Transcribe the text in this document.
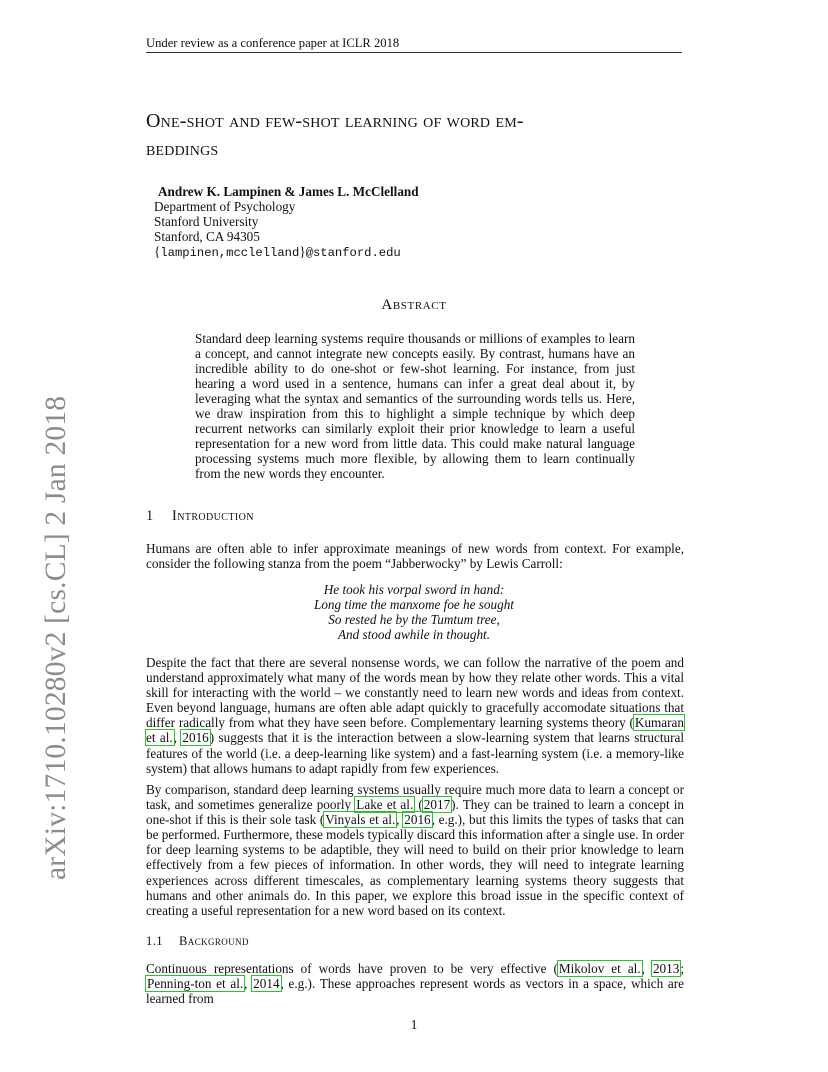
Under review as a conference paper at ICLR 2018
One-shot and few-shot learning of word em-
beddings
Andrew K. Lampinen & James L. McClelland
Department of Psychology
Stanford University
Stanford, CA 94305
{lampinen,mcclelland}@stanford.edu
Abstract
Standard deep learning systems require thousands or millions of examples to learn a concept, and cannot integrate new concepts easily. By contrast, humans have an incredible ability to do one-shot or few-shot learning. For instance, from just hearing a word used in a sentence, humans can infer a great deal about it, by leveraging what the syntax and semantics of the surrounding words tells us. Here, we draw inspiration from this to highlight a simple technique by which deep recurrent networks can similarly exploit their prior knowledge to learn a useful representation for a new word from little data. This could make natural language processing systems much more flexible, by allowing them to learn continually from the new words they encounter.
1 Introduction

Humans are often able to infer approximate meanings of new words from context. For example, consider the following stanza from the poem “Jabberwocky” by Lewis Carroll:

He took his vorpal sword in hand:
Long time the manxome foe he sought
So rested he by the Tumtum tree,
And stood awhile in thought.

Despite the fact that there are several nonsense words, we can follow the narrative of the poem and understand approximately what many of the words mean by how they relate other words. This a vital skill for interacting with the world – we constantly need to learn new words and ideas from context. Even beyond language, humans are often able adapt quickly to gracefully accomodate situations that differ radically from what they have seen before. Complementary learning systems theory (Kumaran et al., 2016) suggests that it is the interaction between a slow-learning system that learns structural features of the world (i.e. a deep-learning like system) and a fast-learning system (i.e. a memory-like system) that allows humans to adapt rapidly from few experiences.

By comparison, standard deep learning systems usually require much more data to learn a concept or task, and sometimes generalize poorly Lake et al. (2017). They can be trained to learn a concept in one-shot if this is their sole task (Vinyals et al., 2016, e.g.), but this limits the types of tasks that can be performed. Furthermore, these models typically discard this information after a single use. In order for deep learning systems to be adaptible, they will need to build on their prior knowledge to learn effectively from a few pieces of information. In other words, they will need to integrate learning experiences across different timescales, as complementary learning systems theory suggests that humans and other animals do. In this paper, we explore this broad issue in the specific context of creating a useful representation for a new word based on its context.

1.1 Background

Continuous representations of words have proven to be very effective (Mikolov et al., 2013; Penning-ton et al., 2014, e.g.). These approaches represent words as vectors in a space, which are learned from

arXiv:1710.10280v2 [cs.CL] 2 Jan 2018
1
